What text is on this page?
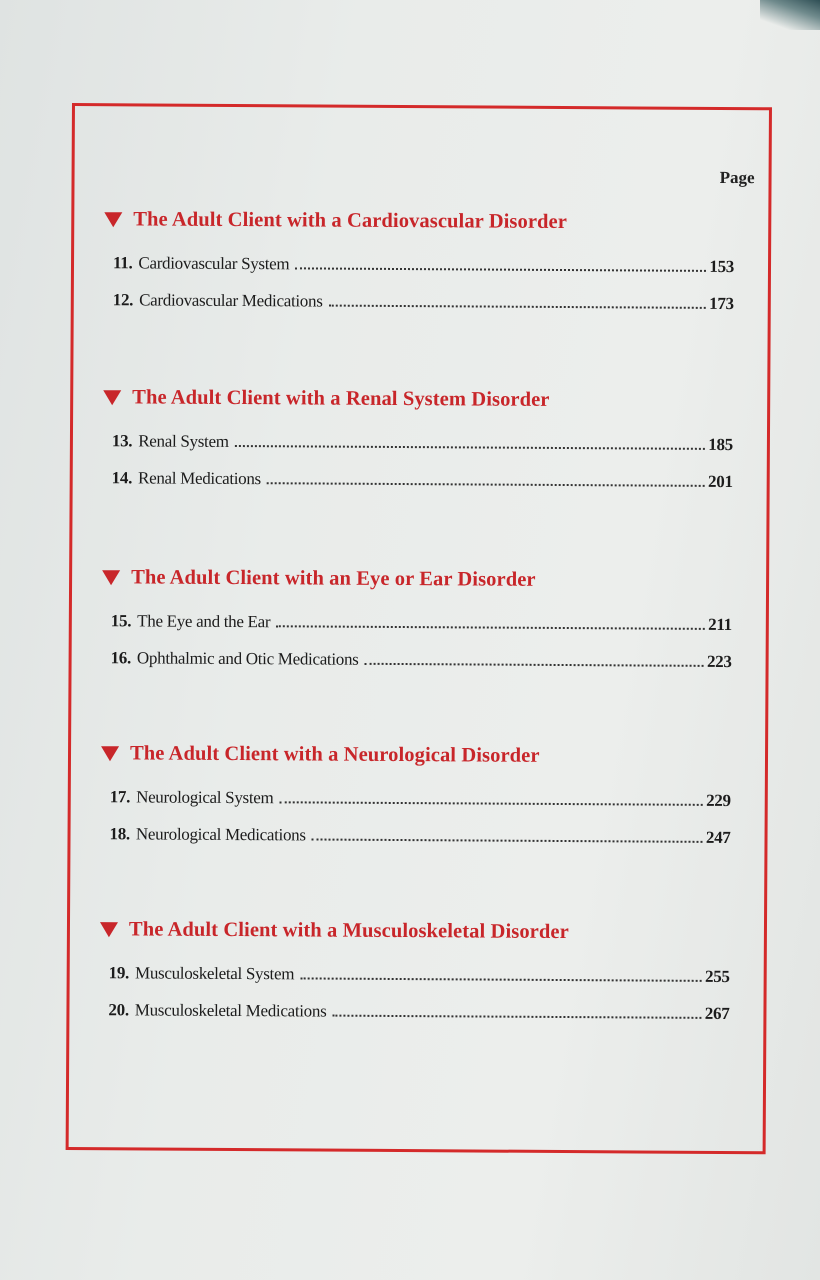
Page
The Adult Client with a Cardiovascular Disorder
11. Cardiovascular System	153
12. Cardiovascular Medications	173
The Adult Client with a Renal System Disorder
13. Renal System	185
14. Renal Medications	201
The Adult Client with an Eye or Ear Disorder
15. The Eye and the Ear	211
16. Ophthalmic and Otic Medications	223
The Adult Client with a Neurological Disorder
17. Neurological System	229
18. Neurological Medications	247
The Adult Client with a Musculoskeletal Disorder
19. Musculoskeletal System	255
20. Musculoskeletal Medications	267
